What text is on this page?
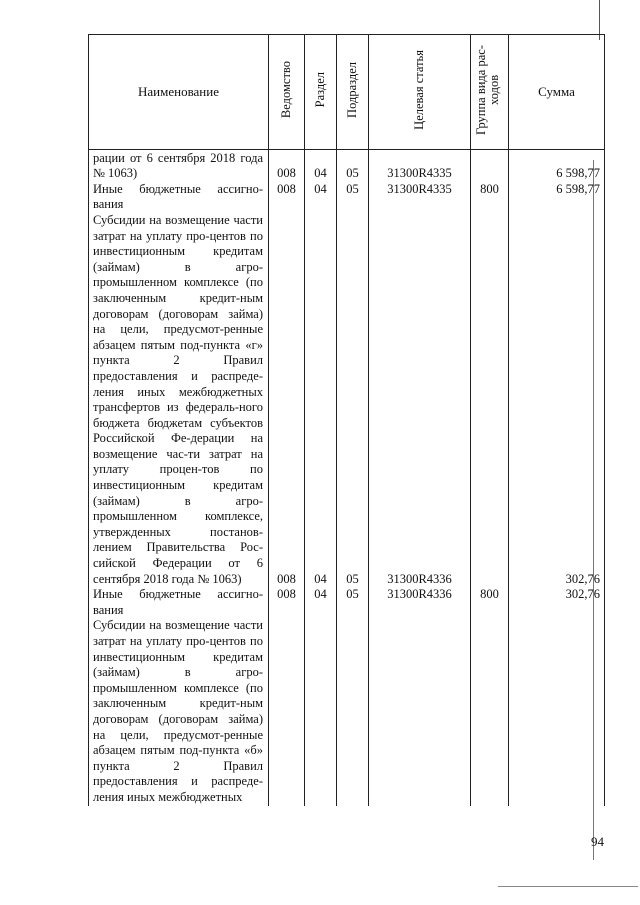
Наименование	Ведомство	Раздел	Подраздел	Целевая статья	Группа вида рас-ходов	Сумма
рации от 6 сентября 2018 года № 1063)	008	04	05	31300R4335		6 598,77
Иные бюджетные ассигно-вания	008	04	05	31300R4335	800	6 598,77
Субсидии на возмещение части затрат на уплату про-центов по инвестиционным кредитам (займам) в агро-промышленном комплексе (по заключенным кредит-ным договорам (договорам займа) на цели, предусмот-ренные абзацем пятым под-пункта «г» пункта 2 Правил предоставления и распреде-ления иных межбюджетных трансфертов из федераль-ного бюджета бюджетам субъектов Российской Фе-дерации на возмещение час-ти затрат на уплату процен-тов по инвестиционным кредитам (займам) в агро-промышленном комплексе, утвержденных постанов-лением Правительства Рос-сийской Федерации от 6 сентября 2018 года № 1063)	008	04	05	31300R4336		302,76
Иные бюджетные ассигно-вания	008	04	05	31300R4336	800	302,76
Субсидии на возмещение части затрат на уплату про-центов по инвестиционным кредитам (займам) в агро-промышленном комплексе (по заключенным кредит-ным договорам (договорам займа) на цели, предусмот-ренные абзацем пятым под-пункта «б» пункта 2 Правил предоставления и распреде-ления иных межбюджетных						
94
